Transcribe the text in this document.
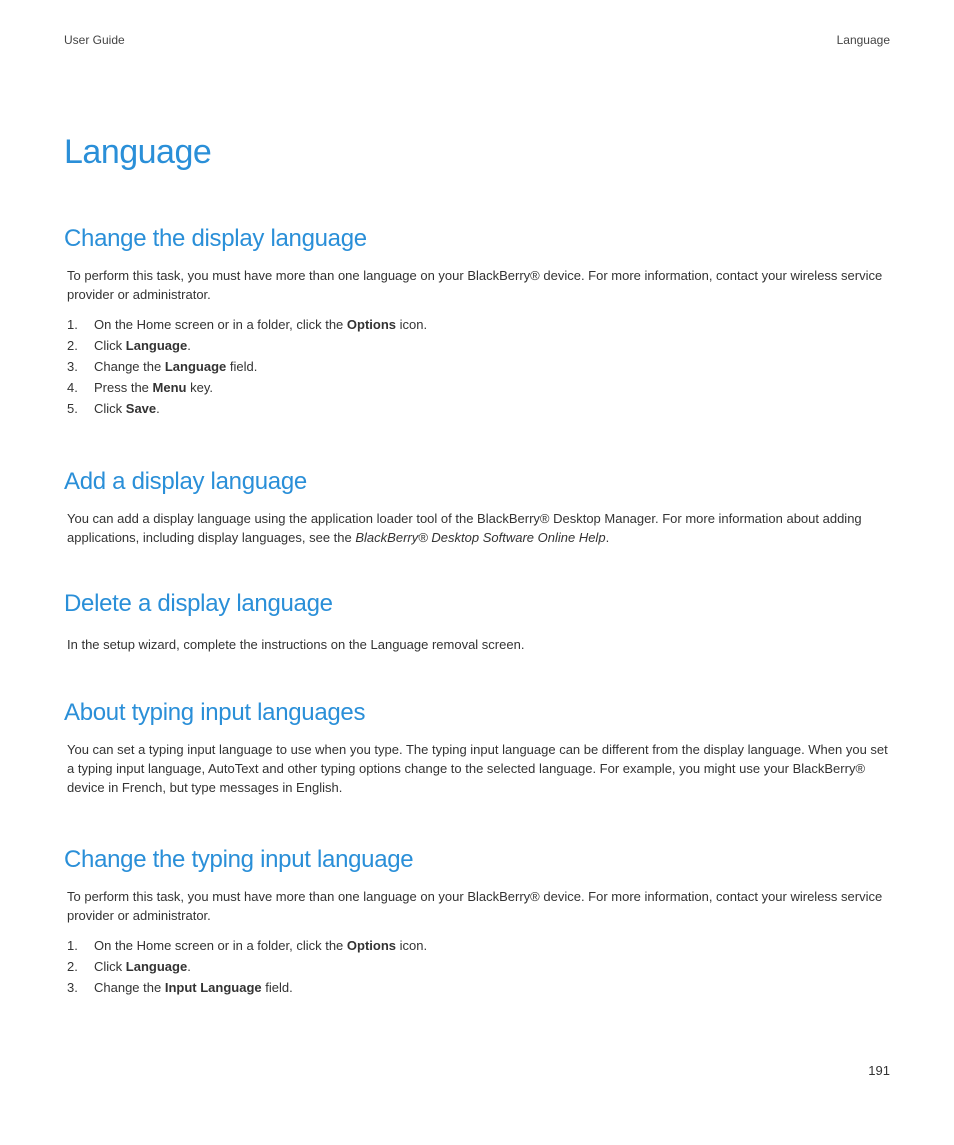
User Guide	Language
Language
Change the display language

To perform this task, you must have more than one language on your BlackBerry® device. For more information, contact your wireless service provider or administrator.

1.	On the Home screen or in a folder, click the Options icon.
2.	Click Language.
3.	Change the Language field.
4.	Press the Menu key.
5.	Click Save.
Add a display language

You can add a display language using the application loader tool of the BlackBerry® Desktop Manager. For more information about adding applications, including display languages, see the BlackBerry® Desktop Software Online Help.

Delete a display language

In the setup wizard, complete the instructions on the Language removal screen.

About typing input languages

You can set a typing input language to use when you type. The typing input language can be different from the display language. When you set a typing input language, AutoText and other typing options change to the selected language. For example, you might use your BlackBerry® device in French, but type messages in English.

Change the typing input language

To perform this task, you must have more than one language on your BlackBerry® device. For more information, contact your wireless service provider or administrator.

1.	On the Home screen or in a folder, click the Options icon.
2.	Click Language.
3.	Change the Input Language field.
191
